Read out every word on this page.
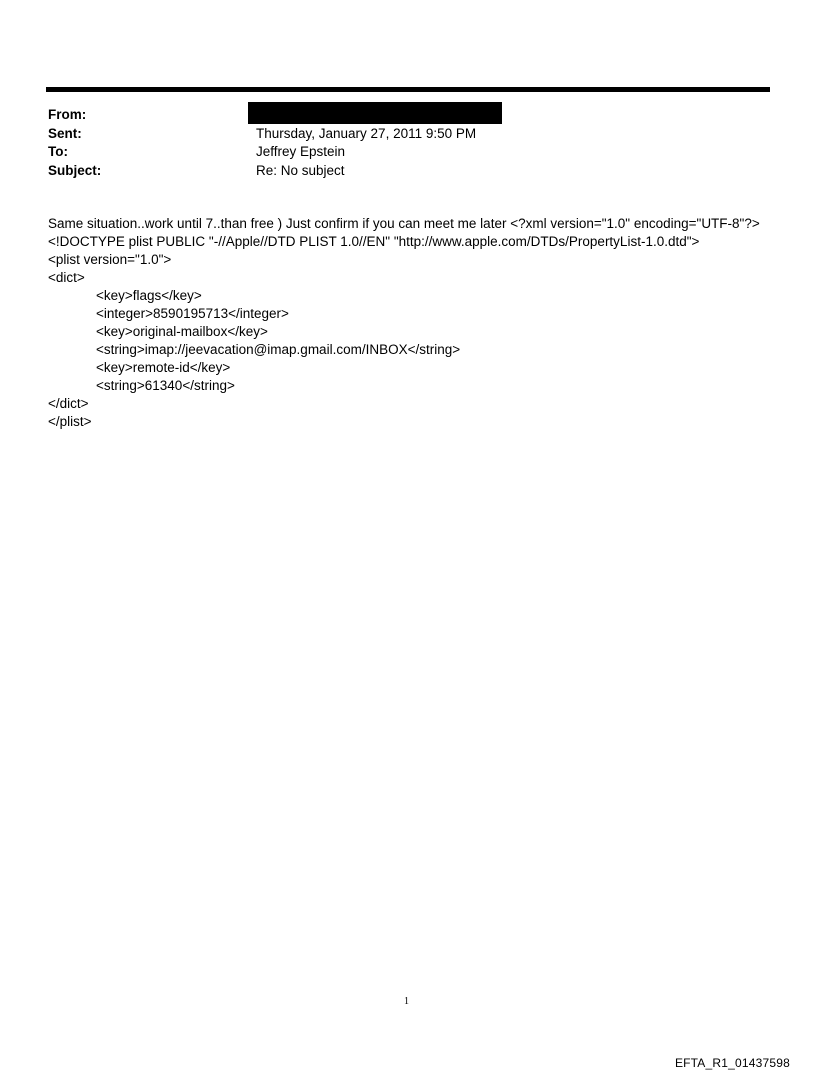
From:
Sent:	Thursday, January 27, 2011 9:50 PM
To:	Jeffrey Epstein
Subject:	Re: No subject
Same situation..work until 7..than free ) Just confirm if you can meet me later <?xml version="1.0" encoding="UTF-8"?>
<!DOCTYPE plist PUBLIC "-//Apple//DTD PLIST 1.0//EN" "http://www.apple.com/DTDs/PropertyList-1.0.dtd">
<plist version="1.0">
<dict>
<key>flags</key>
<integer>8590195713</integer>
<key>original-mailbox</key>
<string>imap://jeevacation@imap.gmail.com/INBOX</string>
<key>remote-id</key>
<string>61340</string>
</dict>
</plist>
1
EFTA_R1_01437598
